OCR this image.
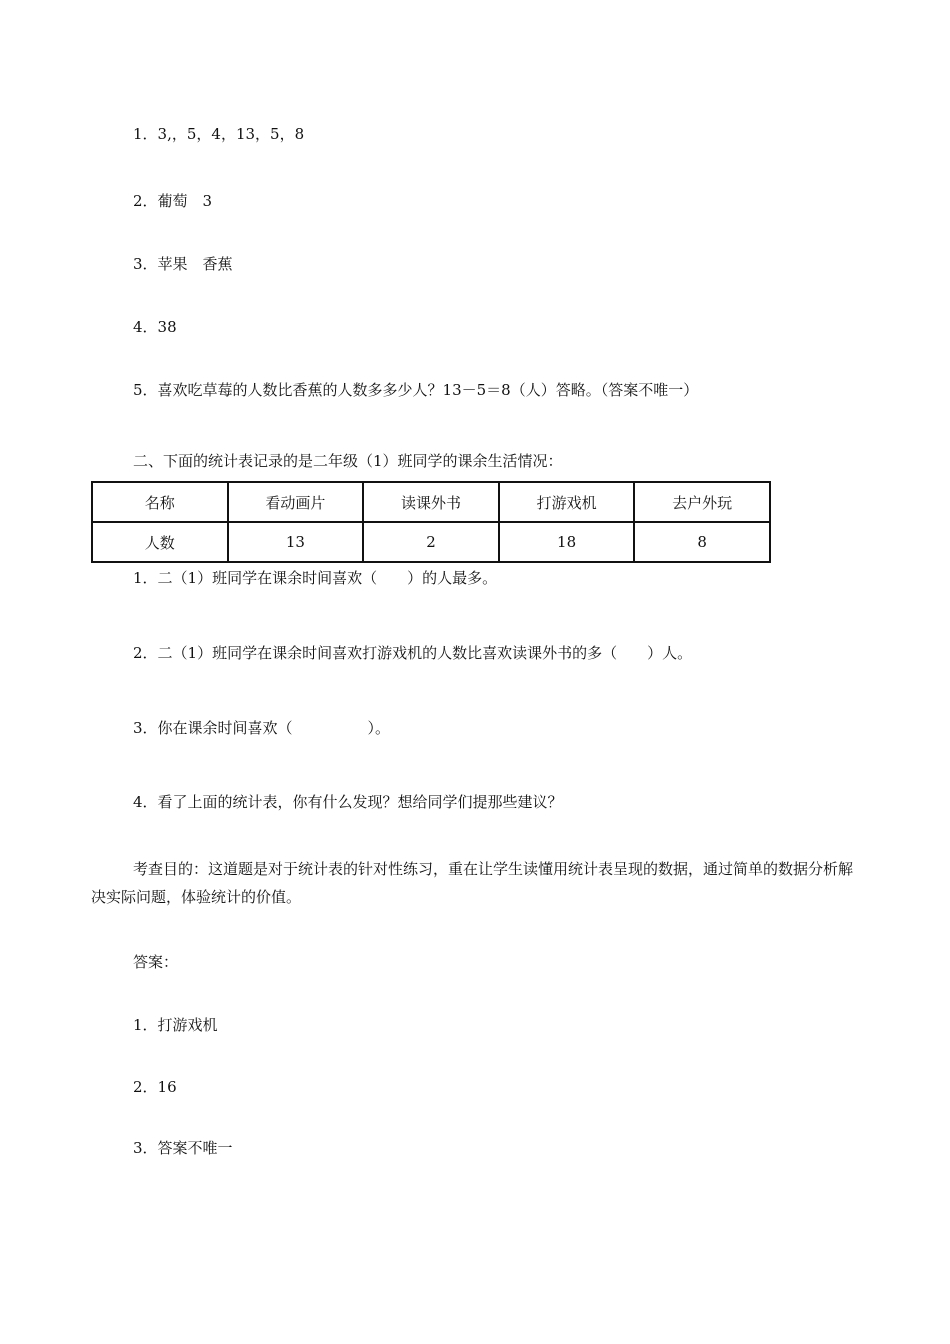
1．3,，5，4，13，5，8
2．葡萄　3
3．苹果　香蕉
4．38
5．喜欢吃草莓的人数比香蕉的人数多多少人？13－5＝8（人）答略。（答案不唯一）
二、下面的统计表记录的是二年级（1）班同学的课余生活情况：
名称	看动画片	读课外书	打游戏机	去户外玩
人数	13	2	18	8
1．二（1）班同学在课余时间喜欢（　　）的人最多。
2．二（1）班同学在课余时间喜欢打游戏机的人数比喜欢读课外书的多（　　）人。
3．你在课余时间喜欢（　　　　　）。
4．看了上面的统计表，你有什么发现？想给同学们提那些建议？
考查目的：这道题是对于统计表的针对性练习，重在让学生读懂用统计表呈现的数据，通过简单的数据分析解决实际问题，体验统计的价值。
答案：
1．打游戏机
2．16
3．答案不唯一
